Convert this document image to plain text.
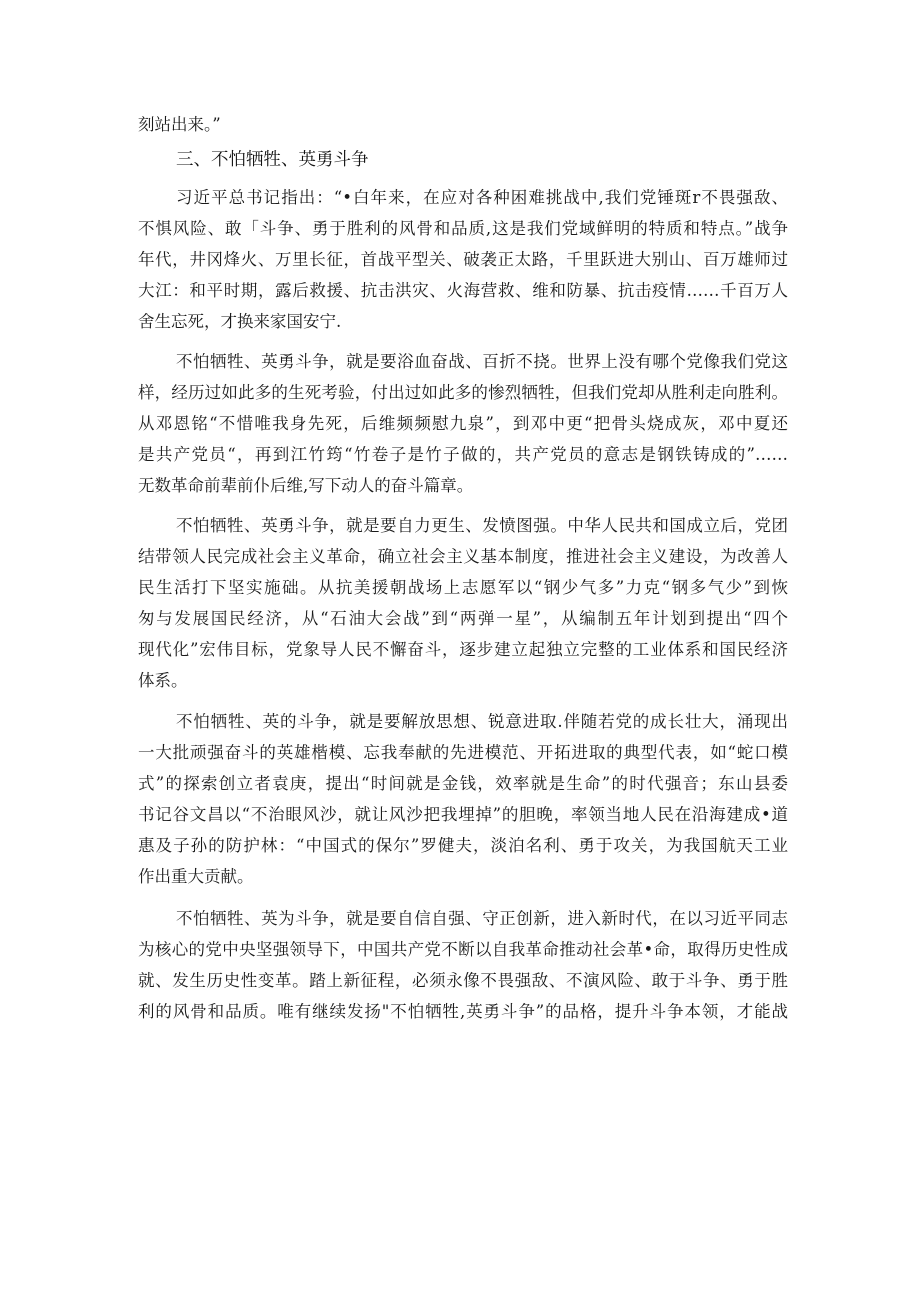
刻站出来。”
三、不怕牺牲、英勇斗争
习近平总书记指出：“•白年来，在应对各种困难挑战中,我们党锤斑r不畏强敌、
不惧风险、敢「斗争、勇于胜利的风骨和品质,这是我们党域鲜明的特质和特点。”战争
年代，井冈烽火、万里长征，首战平型关、破袭正太路，千里跃进大别山、百万雄师过
大江：和平时期，露后救援、抗击洪灾、火海营救、维和防暴、抗击疫情……千百万人
舍生忘死，才换来家国安宁.
不怕牺牲、英勇斗争，就是要浴血奋战、百折不挠。世界上没有哪个党像我们党这
样，经历过如此多的生死考验，付出过如此多的惨烈牺牲，但我们党却从胜利走向胜利。
从邓恩铭“不惜唯我身先死，后维频频慰九泉”，到邓中更“把骨头烧成灰，邓中夏还
是共产党员“，再到江竹筠“竹卷子是竹子做的，共产党员的意志是钢铁铸成的”……
无数革命前辈前仆后维,写下动人的奋斗篇章。
不怕牺牲、英勇斗争，就是要自力更生、发愤图强。中华人民共和国成立后，党团
结带领人民完成社会主义革命，确立社会主义基本制度，推进社会主义建设，为改善人
民生活打下坚实施础。从抗美援朝战场上志愿军以“钢少气多”力克“钢多气少”到恢
匆与发展国民经济，从“石油大会战”到“两弹一星”，从编制五年计划到提出“四个
现代化”宏伟目标，党象导人民不懈奋斗，逐步建立起独立完整的工业体系和国民经济
体系。
不怕牺牲、英的斗争，就是要解放思想、锐意进取.伴随若党的成长壮大，涌现出
一大批顽强奋斗的英雄楷模、忘我奉献的先进模范、开拓进取的典型代表，如“蛇口模
式”的探索创立者袁庚，提出“时间就是金钱，效率就是生命”的时代强音；东山县委
书记谷文昌以“不治眼风沙，就让风沙把我埋掉”的胆晚，率领当地人民在沿海建成•道
惠及子孙的防护林：“中国式的保尔”罗健夫，淡泊名利、勇于攻关，为我国航天工业
作出重大贡献。
不怕牺牲、英为斗争，就是要自信自强、守正创新，进入新时代，在以习近平同志
为核心的党中央坚强领导下，中国共产党不断以自我革命推动社会革•命，取得历史性成
就、发生历史性变革。踏上新征程，必须永像不畏强敌、不演风险、敢于斗争、勇于胜
利的风骨和品质。唯有继续发扬"不怕牺牲,英勇斗争”的品格，提升斗争本领，才能战
